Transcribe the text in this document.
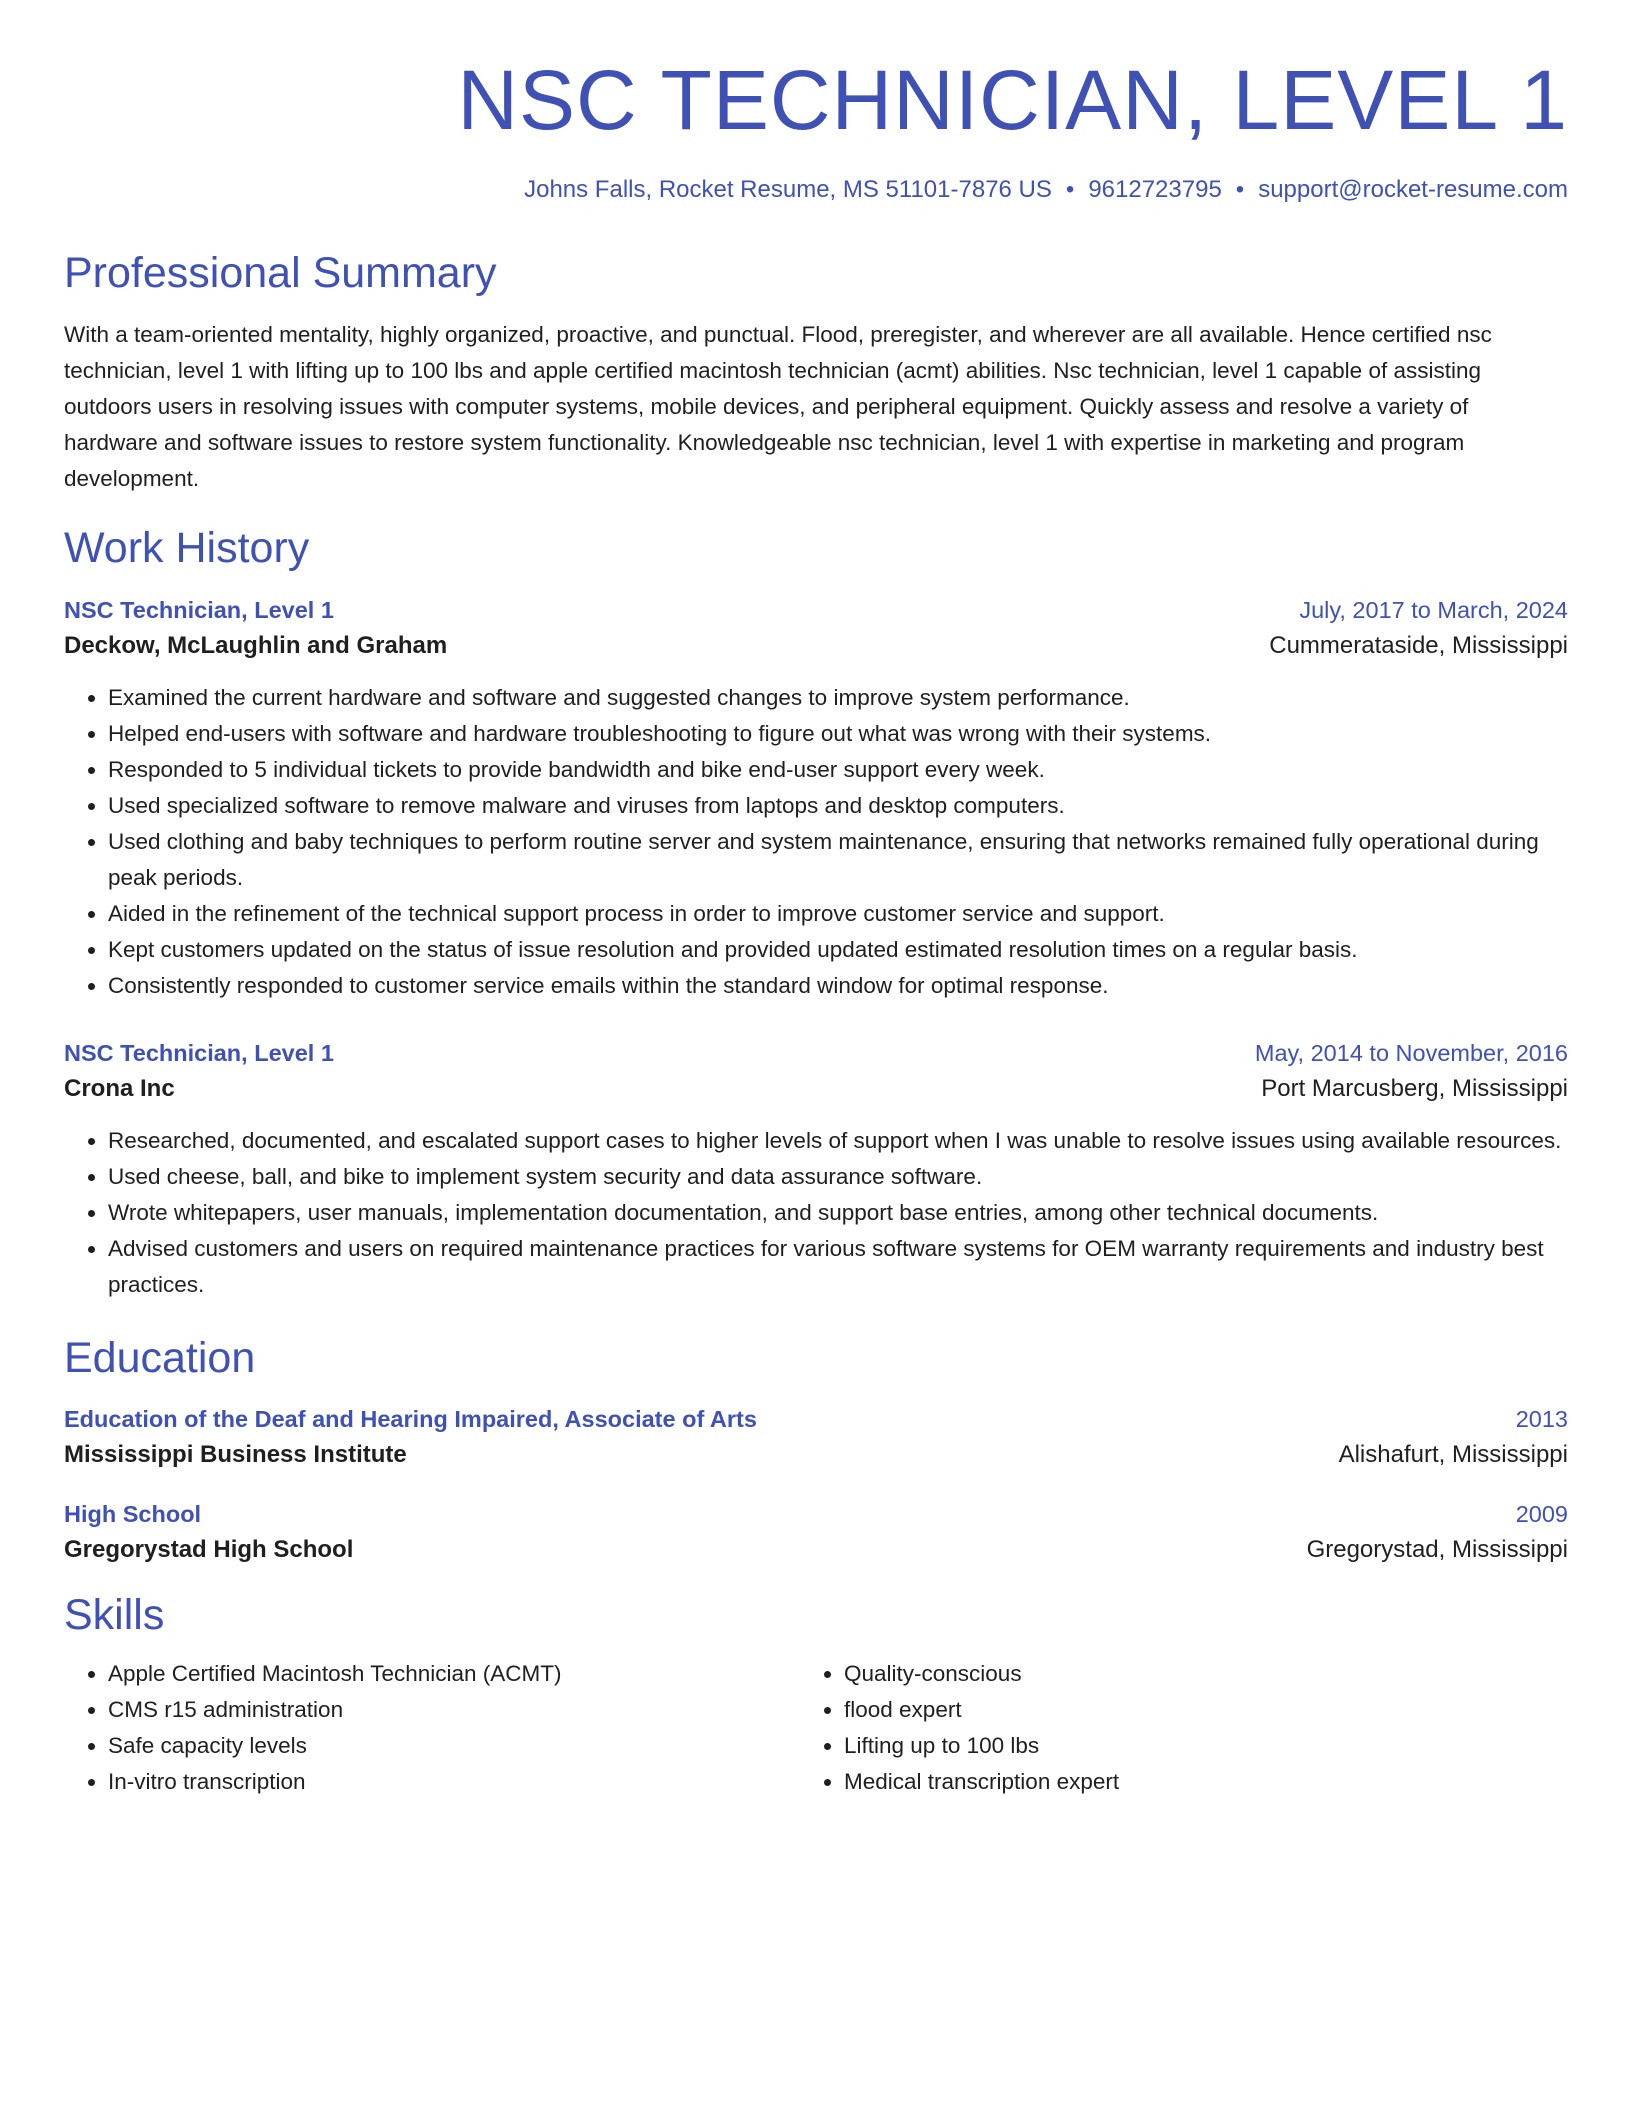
NSC TECHNICIAN, LEVEL 1
Johns Falls, Rocket Resume, MS 51101-7876 US • 9612723795 • support@rocket-resume.com
Professional Summary
With a team-oriented mentality, highly organized, proactive, and punctual. Flood, preregister, and wherever are all available. Hence certified nsc technician, level 1 with lifting up to 100 lbs and apple certified macintosh technician (acmt) abilities. Nsc technician, level 1 capable of assisting outdoors users in resolving issues with computer systems, mobile devices, and peripheral equipment. Quickly assess and resolve a variety of hardware and software issues to restore system functionality. Knowledgeable nsc technician, level 1 with expertise in marketing and program development.
Work History
NSC Technician, Level 1	July, 2017 to March, 2024
Deckow, McLaughlin and Graham	Cummerataside, Mississippi
• Examined the current hardware and software and suggested changes to improve system performance.
• Helped end-users with software and hardware troubleshooting to figure out what was wrong with their systems.
• Responded to 5 individual tickets to provide bandwidth and bike end-user support every week.
• Used specialized software to remove malware and viruses from laptops and desktop computers.
• Used clothing and baby techniques to perform routine server and system maintenance, ensuring that networks remained fully operational during peak periods.
• Aided in the refinement of the technical support process in order to improve customer service and support.
• Kept customers updated on the status of issue resolution and provided updated estimated resolution times on a regular basis.
• Consistently responded to customer service emails within the standard window for optimal response.
NSC Technician, Level 1	May, 2014 to November, 2016
Crona Inc	Port Marcusberg, Mississippi
• Researched, documented, and escalated support cases to higher levels of support when I was unable to resolve issues using available resources.
• Used cheese, ball, and bike to implement system security and data assurance software.
• Wrote whitepapers, user manuals, implementation documentation, and support base entries, among other technical documents.
• Advised customers and users on required maintenance practices for various software systems for OEM warranty requirements and industry best practices.
Education
Education of the Deaf and Hearing Impaired, Associate of Arts	2013
Mississippi Business Institute	Alishafurt, Mississippi
High School	2009
Gregorystad High School	Gregorystad, Mississippi
Skills
• Apple Certified Macintosh Technician (ACMT)
• CMS r15 administration
• Safe capacity levels
• In-vitro transcription
• Quality-conscious
• flood expert
• Lifting up to 100 lbs
• Medical transcription expert
